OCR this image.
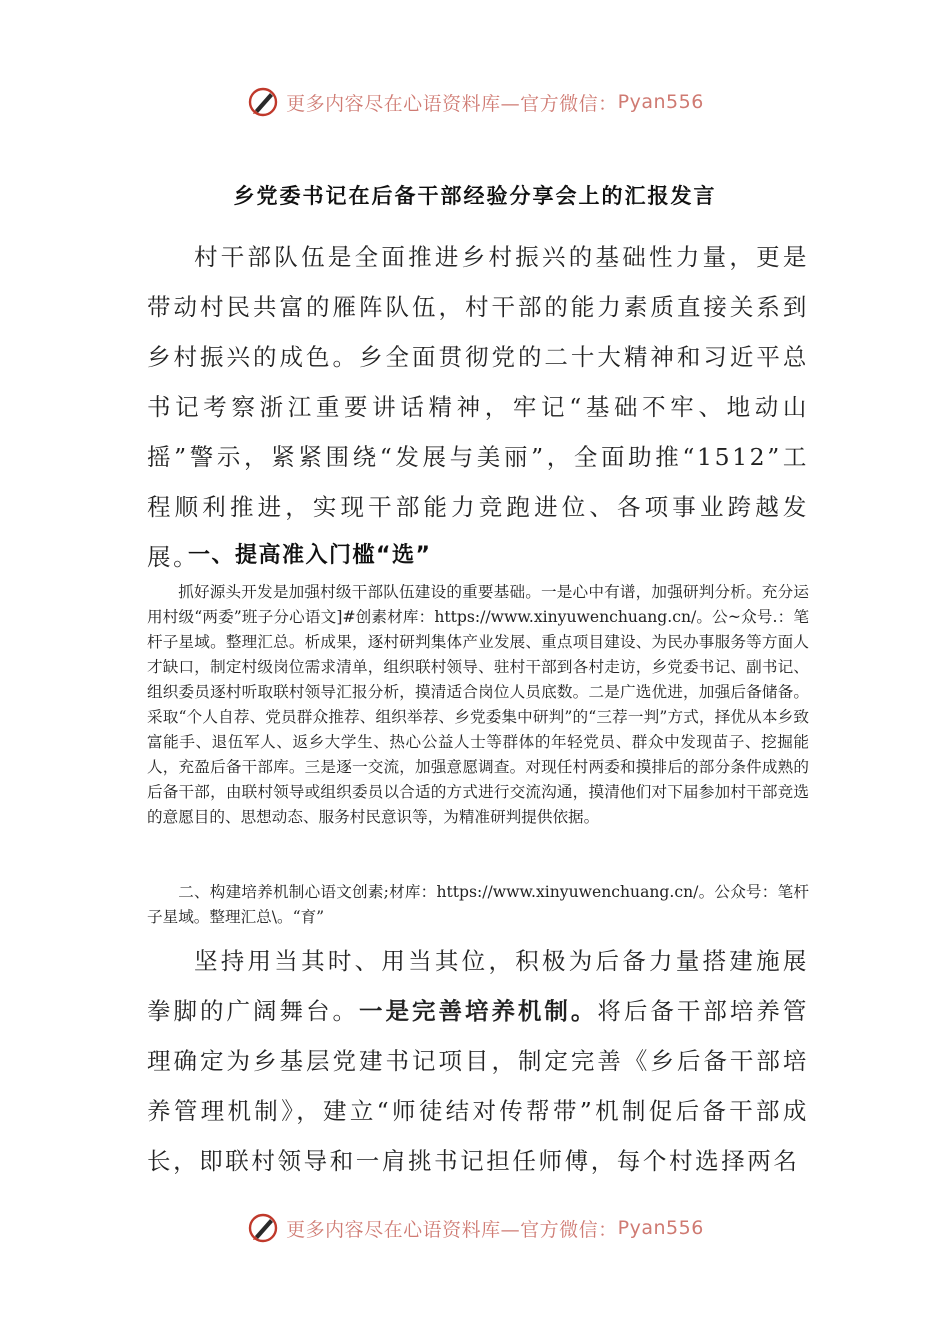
更多内容尽在心语资料库—官方微信： Pyan556
乡党委书记在后备干部经验分享会上的汇报发言

村干部队伍是全面推进乡村振兴的基础性力量，更是带动村民共富的雁阵队伍，村干部的能力素质直接关系到乡村振兴的成色。乡全面贯彻党的二十大精神和习近平总书记考察浙江重要讲话精神，牢记“基础不牢、地动山摇”警示，紧紧围绕“发展与美丽”，全面助推“1512”工程顺利推进，实现干部能力竞跑进位、各项事业跨越发展。

一、提高准入门槛“选”

抓好源头开发是加强村级干部队伍建设的重要基础。一是心中有谱，加强研判分析。充分运用村级“两委”班子分心语文]#创素材库：https://www.xinyuwenchuang.cn/。公~众号.：笔杆子星域。整理汇总。析成果，逐村研判集体产业发展、重点项目建设、为民办事服务等方面人才缺口，制定村级岗位需求清单，组织联村领导、驻村干部到各村走访，乡党委书记、副书记、组织委员逐村听取联村领导汇报分析，摸清适合岗位人员底数。二是广选优进，加强后备储备。采取“个人自荐、党员群众推荐、组织举荐、乡党委集中研判”的“三荐一判”方式，择优从本乡致富能手、退伍军人、返乡大学生、热心公益人士等群体的年轻党员、群众中发现苗子、挖掘能人，充盈后备干部库。三是逐一交流，加强意愿调查。对现任村两委和摸排后的部分条件成熟的后备干部，由联村领导或组织委员以合适的方式进行交流沟通，摸清他们对下届参加村干部竞选的意愿目的、思想动态、服务村民意识等，为精准研判提供依据。

二、构建培养机制心语文创素;材库：https://www.xinyuwenchuang.cn/。公众号：笔杆子星域。整理汇总\。“育”

坚持用当其时、用当其位，积极为后备力量搭建施展拳脚的广阔舞台。一是完善培养机制。将后备干部培养管理确定为乡基层党建书记项目，制定完善《乡后备干部培养管理机制》，建立“师徒结对传帮带”机制促后备干部成长，即联村领导和一肩挑书记担任师傅，每个村选择两名

更多内容尽在心语资料库—官方微信： Pyan556
